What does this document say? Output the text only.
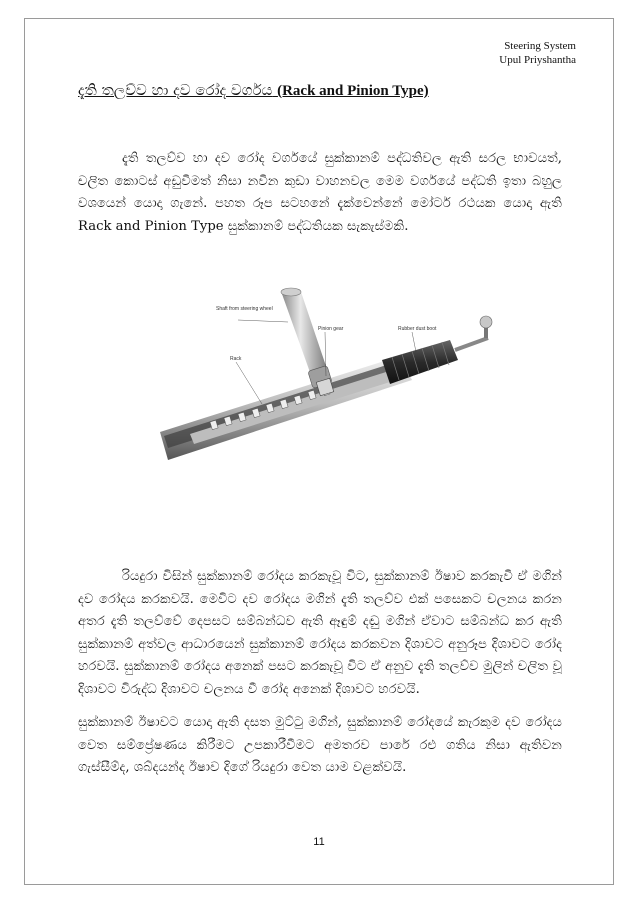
Steering System
Upul Priyshantha
දැති තලව්ව හා දව රෝද වර්ගය (Rack and Pinion Type)
දැති තලව්ව හා දව රෝද වර්ගයේ සුක්කානම් පද්ධතිවල ඇති සරල භාවයත්, චලිත කොටස් අඩුවීමත් නිසා නවීන කුඩා වාහනවල මෙම වර්ගයේ පද්ධති ඉතා බහුල වශයෙන් යොදා ගැනේ. පහත රූප සටහනේ දැක්වෙන්නේ මෝටර් රථයක යොදා ඇති Rack and Pinion Type සුක්කානම් පද්ධතියක සැකැස්මකි.
Shaft from steering wheel
Pinion gear	Rubber dust boot
Rack
රියදුරා විසින් සුක්කානම් රෝදය කරකැවූ විට, සුක්කානම් ඊෂාව කරකැවී ඒ මගින් දව රෝදය කරකවයි. මෙවිට දව රෝදය මගින් දැති තලව්ව එක් පසෙකට චලනය කරන අතර දැති තලව්වේ දෙපසට සම්බන්ධව ඇති ඈඳුම් දඬු මගින් ඒවාට සම්බන්ධ කර ඇති සුක්කානම් අත්වල ආධාරයෙන් සුක්කානම් රෝදය කරකවන දිශාවට අනුරූප දිශාවට රෝද හරවයි. සුක්කානම් රෝදය අනෙක් පසට කරකැවූ විට ඒ අනුව දැති තලව්ව මුලින් චලිත වූ දිශාවට විරුද්ධ දිශාවට චලනය වී රෝද අනෙක් දිශාවට හරවයි.
සුක්කානම් ඊෂාවට යොදා ඇති දසත මුට්ටු මගින්, සුක්කානම් රෝදයේ කැරකුම දව රෝදය වෙත සම්ප්‍රේෂණය කිරීමට උපකාරීවීමට අමතරව පාරේ රළු ගතිය නිසා ඇතිවන ගැස්සීම්ද, ශබ්දයන්ද ඊෂාව දිගේ රියදුරා වෙත යාම වළක්වයි.
11
